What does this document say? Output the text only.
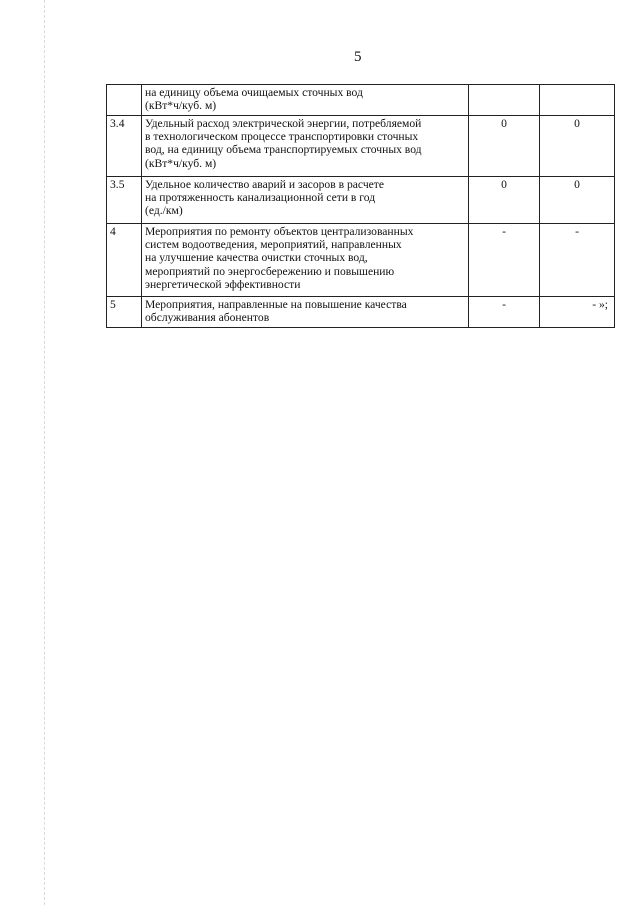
5

	на единицу объема очищаемых сточных вод
(кВт*ч/куб. м)		

3.4	Удельный расход электрической энергии, потребляемой
в технологическом процессе транспортировки сточных
вод, на единицу объема транспортируемых сточных вод
(кВт*ч/куб. м)	0	0
3.5	Удельное количество аварий и засоров в расчете
на протяженность канализационной сети в год
(ед./км)	0	0
4	Мероприятия по ремонту объектов централизованных
систем водоотведения, мероприятий, направленных
на улучшение качества очистки сточных вод,
мероприятий по энергосбережению и повышению
энергетической эффективности	-	-
5	Мероприятия, направленные на повышение качества
обслуживания абонентов	-	- »;
